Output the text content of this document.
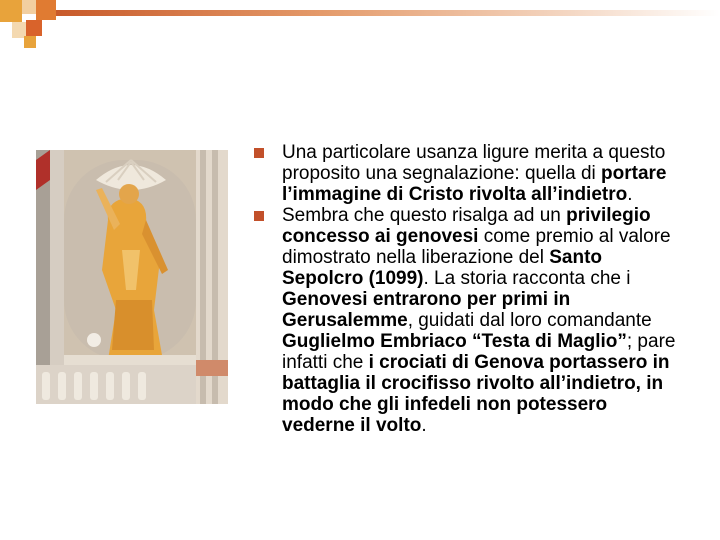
Una particolare usanza ligure merita a questo proposito una segnalazione: quella di portare l’immagine di Cristo rivolta all’indietro.
Sembra che questo risalga ad un privilegio concesso ai genovesi come premio al valore dimostrato nella liberazione del Santo Sepolcro (1099). La storia racconta che i Genovesi entrarono per primi in Gerusalemme, guidati dal loro comandante Guglielmo Embriaco “Testa di Maglio”; pare infatti che i crociati di Genova portassero in battaglia il crocifisso rivolto all’indietro, in modo che gli infedeli non potessero vederne il volto.
